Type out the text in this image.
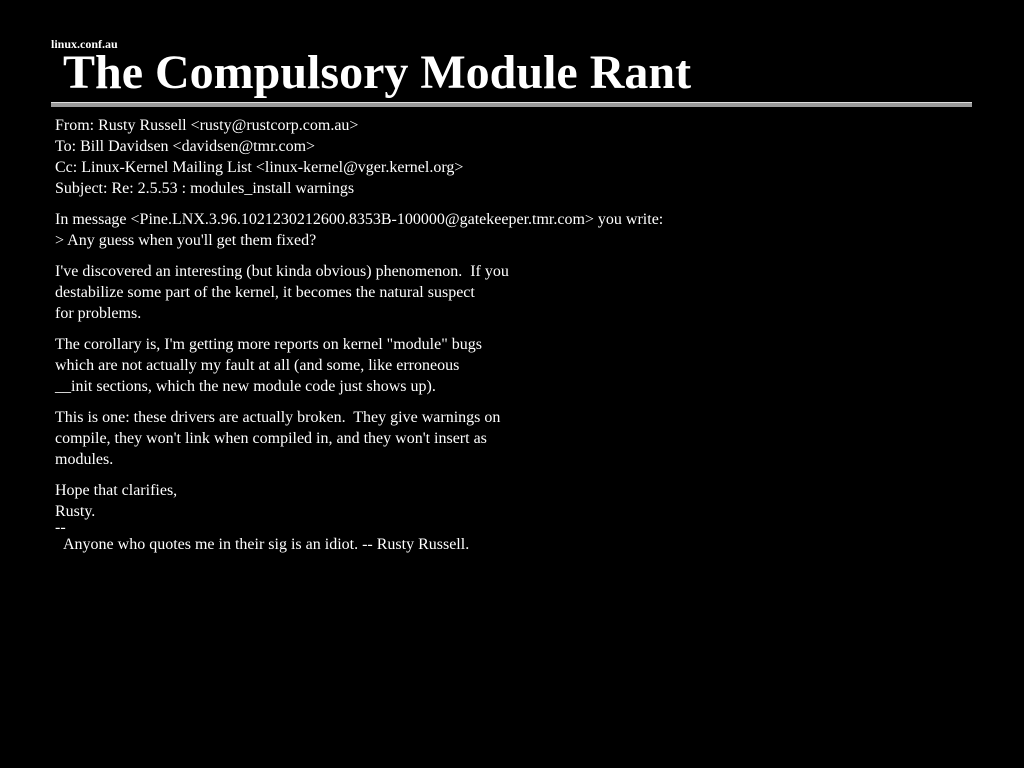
linux.conf.au
The Compulsory Module Rant
From: Rusty Russell <rusty@rustcorp.com.au>
To: Bill Davidsen <davidsen@tmr.com>
Cc: Linux-Kernel Mailing List <linux-kernel@vger.kernel.org>
Subject: Re: 2.5.53 : modules_install warnings
In message <Pine.LNX.3.96.1021230212600.8353B-100000@gatekeeper.tmr.com> you write:
> Any guess when you'll get them fixed?
I've discovered an interesting (but kinda obvious) phenomenon.  If you
destabilize some part of the kernel, it becomes the natural suspect
for problems.
The corollary is, I'm getting more reports on kernel "module" bugs
which are not actually my fault at all (and some, like erroneous
__init sections, which the new module code just shows up).
This is one: these drivers are actually broken.  They give warnings on
compile, they won't link when compiled in, and they won't insert as
modules.
Hope that clarifies,
Rusty.
--
Anyone who quotes me in their sig is an idiot. -- Rusty Russell.
